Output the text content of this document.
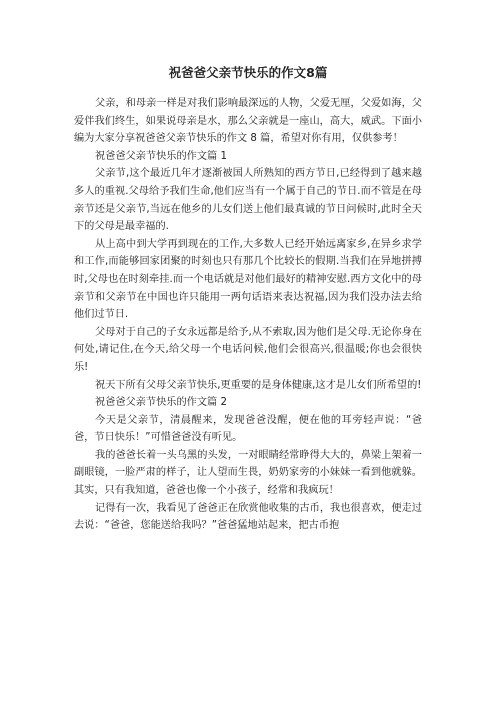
祝爸爸父亲节快乐的作文8篇

父亲，和母亲一样是对我们影响最深远的人物，父爱无厘，父爱如海，父爱伴我们终生，如果说母亲是水，那么父亲就是一座山，高大，威武。下面小编为大家分享祝爸爸父亲节快乐的作文 8 篇，希望对你有用，仅供参考！

祝爸爸父亲节快乐的作文篇 1

父亲节,这个最近几年才逐渐被国人所熟知的西方节日,已经得到了越来越多人的重视.父母给予我们生命,他们应当有一个属于自己的节日.而不管是在母亲节还是父亲节,当远在他乡的儿女们送上他们最真诚的节日问候时,此时全天下的父母是最幸福的.

从上高中到大学再到现在的工作,大多数人已经开始远离家乡,在异乡求学和工作,而能够回家团聚的时刻也只有那几个比较长的假期.当我们在异地拼搏时,父母也在时刻牵挂.而一个电话就是对他们最好的精神安慰.西方文化中的母亲节和父亲节在中国也许只能用一两句话语来表达祝福,因为我们没办法去给他们过节日.

父母对于自己的子女永远都是给予,从不索取,因为他们是父母.无论你身在何处,请记住,在今天,给父母一个电话问候,他们会很高兴,很温暖;你也会很快乐!

祝天下所有父母父亲节快乐,更重要的是身体健康,这才是儿女们所希望的!

祝爸爸父亲节快乐的作文篇 2

今天是父亲节，清晨醒来，发现爸爸没醒，便在他的耳旁轻声说：“爸爸，节日快乐！”可惜爸爸没有听见。

我的爸爸长着一头乌黑的头发，一对眼睛经常睁得大大的，鼻梁上架着一副眼镜，一脸严肃的样子，让人望而生畏，奶奶家旁的小妹妹一看到他就躲。其实，只有我知道，爸爸也像一个小孩子，经常和我疯玩！

记得有一次，我看见了爸爸正在欣赏他收集的古币，我也很喜欢，便走过去说：“爸爸，您能送给我吗？”爸爸猛地站起来，把古币抱
